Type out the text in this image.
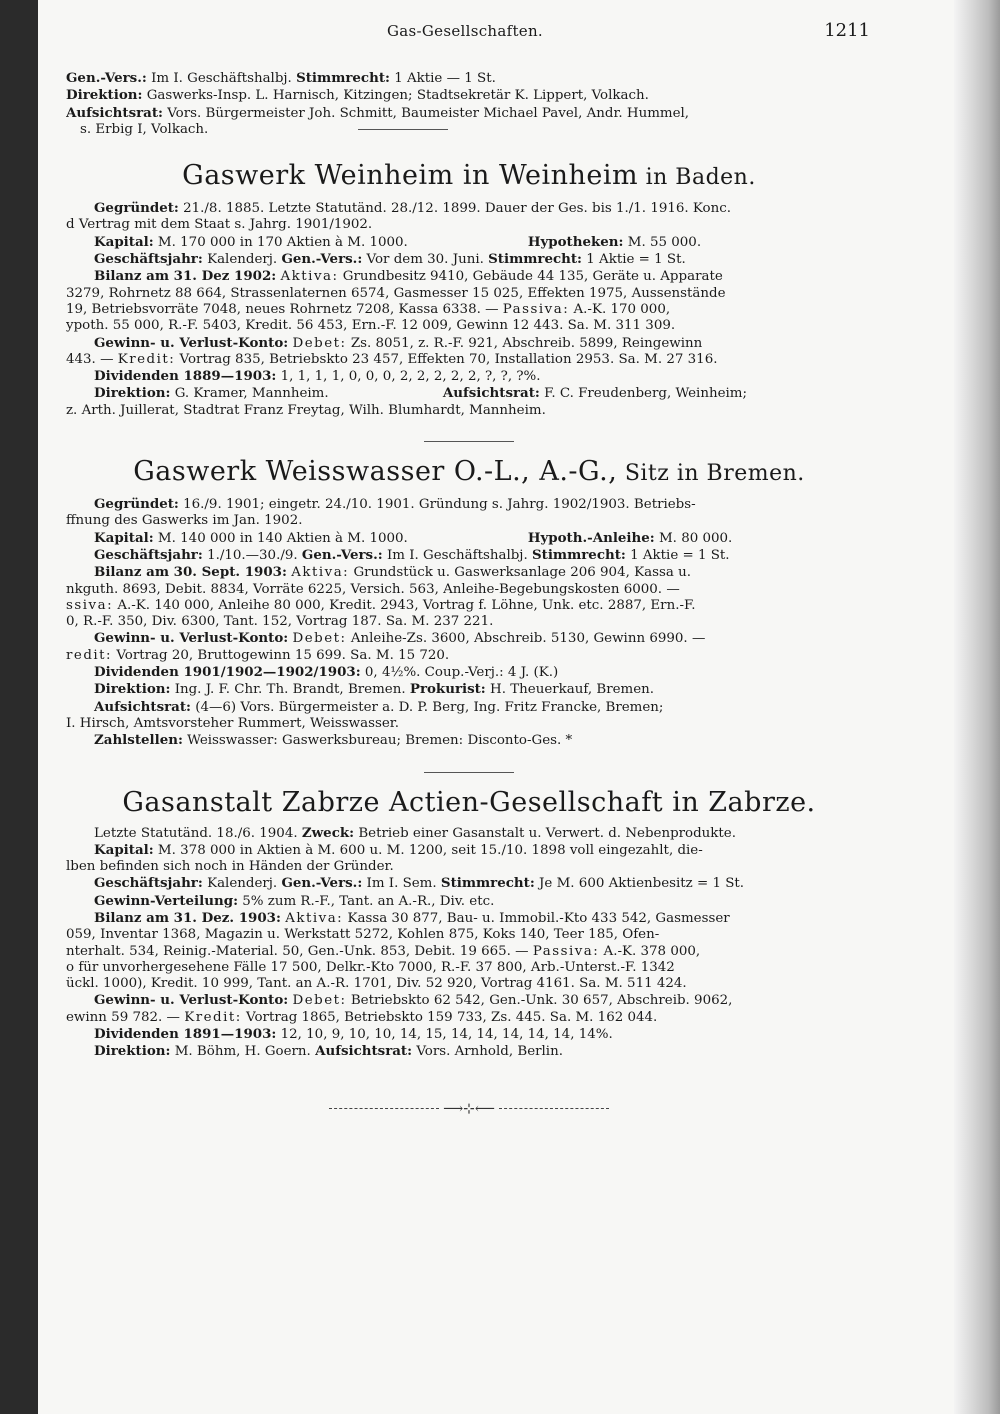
Gas-Gesellschaften.	1211
Gen.-Vers.: Im I. Geschäftshalbj. Stimmrecht: 1 Aktie — 1 St.
Direktion: Gaswerks-Insp. L. Harnisch, Kitzingen; Stadtsekretär K. Lippert, Volkach.
Aufsichtsrat: Vors. Bürgermeister Joh. Schmitt, Baumeister Michael Pavel, Andr. Hummel,
s. Erbig I, Volkach.
Gaswerk Weinheim in Weinheim in Baden.
Gegründet: 21./8. 1885. Letzte Statutänd. 28./12. 1899. Dauer der Ges. bis 1./1. 1916. Konc.
d Vertrag mit dem Staat s. Jahrg. 1901/1902.
Kapital: M. 170 000 in 170 Aktien à M. 1000.	Hypotheken: M. 55 000.
Geschäftsjahr: Kalenderj. Gen.-Vers.: Vor dem 30. Juni. Stimmrecht: 1 Aktie = 1 St.
Bilanz am 31. Dez 1902: Aktiva: Grundbesitz 9410, Gebäude 44 135, Geräte u. Apparate
3279, Rohrnetz 88 664, Strassenlaternen 6574, Gasmesser 15 025, Effekten 1975, Aussenstände
19, Betriebsvorräte 7048, neues Rohrnetz 7208, Kassa 6338. — Passiva: A.-K. 170 000,
ypoth. 55 000, R.-F. 5403, Kredit. 56 453, Ern.-F. 12 009, Gewinn 12 443. Sa. M. 311 309.
Gewinn- u. Verlust-Konto: Debet: Zs. 8051, z. R.-F. 921, Abschreib. 5899, Reingewinn
443. — Kredit: Vortrag 835, Betriebskto 23 457, Effekten 70, Installation 2953. Sa. M. 27 316.
Dividenden 1889—1903: 1, 1, 1, 1, 0, 0, 0, 2, 2, 2, 2, 2, ?, ?, ?%.
Direktion: G. Kramer, Mannheim.	Aufsichtsrat: F. C. Freudenberg, Weinheim;
z. Arth. Juillerat, Stadtrat Franz Freytag, Wilh. Blumhardt, Mannheim.
Gaswerk Weisswasser O.-L., A.-G., Sitz in Bremen.
Gegründet: 16./9. 1901; eingetr. 24./10. 1901. Gründung s. Jahrg. 1902/1903. Betriebs-
ffnung des Gaswerks im Jan. 1902.
Kapital: M. 140 000 in 140 Aktien à M. 1000.	Hypoth.-Anleihe: M. 80 000.
Geschäftsjahr: 1./10.—30./9. Gen.-Vers.: Im I. Geschäftshalbj. Stimmrecht: 1 Aktie = 1 St.
Bilanz am 30. Sept. 1903: Aktiva: Grundstück u. Gaswerksanlage 206 904, Kassa u.
nkguth. 8693, Debit. 8834, Vorräte 6225, Versich. 563, Anleihe-Begebungskosten 6000. —
ssiva: A.-K. 140 000, Anleihe 80 000, Kredit. 2943, Vortrag f. Löhne, Unk. etc. 2887, Ern.-F.
0, R.-F. 350, Div. 6300, Tant. 152, Vortrag 187. Sa. M. 237 221.
Gewinn- u. Verlust-Konto: Debet: Anleihe-Zs. 3600, Abschreib. 5130, Gewinn 6990. —
redit: Vortrag 20, Bruttogewinn 15 699. Sa. M. 15 720.
Dividenden 1901/1902—1902/1903: 0, 4½%. Coup.-Verj.: 4 J. (K.)
Direktion: Ing. J. F. Chr. Th. Brandt, Bremen. Prokurist: H. Theuerkauf, Bremen.
Aufsichtsrat: (4—6) Vors. Bürgermeister a. D. P. Berg, Ing. Fritz Francke, Bremen;
I. Hirsch, Amtsvorsteher Rummert, Weisswasser.
Zahlstellen: Weisswasser: Gaswerksbureau; Bremen: Disconto-Ges. *
Gasanstalt Zabrze Actien-Gesellschaft in Zabrze.
Letzte Statutänd. 18./6. 1904. Zweck: Betrieb einer Gasanstalt u. Verwert. d. Nebenprodukte.
Kapital: M. 378 000 in Aktien à M. 600 u. M. 1200, seit 15./10. 1898 voll eingezahlt, die-
lben befinden sich noch in Händen der Gründer.
Geschäftsjahr: Kalenderj. Gen.-Vers.: Im I. Sem. Stimmrecht: Je M. 600 Aktienbesitz = 1 St.
Gewinn-Verteilung: 5% zum R.-F., Tant. an A.-R., Div. etc.
Bilanz am 31. Dez. 1903: Aktiva: Kassa 30 877, Bau- u. Immobil.-Kto 433 542, Gasmesser
059, Inventar 1368, Magazin u. Werkstatt 5272, Kohlen 875, Koks 140, Teer 185, Ofen-
nterhalt. 534, Reinig.-Material. 50, Gen.-Unk. 853, Debit. 19 665. — Passiva: A.-K. 378 000,
o für unvorhergesehene Fälle 17 500, Delkr.-Kto 7000, R.-F. 37 800, Arb.-Unterst.-F. 1342
ückl. 1000), Kredit. 10 999, Tant. an A.-R. 1701, Div. 52 920, Vortrag 4161. Sa. M. 511 424.
Gewinn- u. Verlust-Konto: Debet: Betriebskto 62 542, Gen.-Unk. 30 657, Abschreib. 9062,
ewinn 59 782. — Kredit: Vortrag 1865, Betriebskto 159 733, Zs. 445. Sa. M. 162 044.
Dividenden 1891—1903: 12, 10, 9, 10, 10, 14, 15, 14, 14, 14, 14, 14, 14%.
Direktion: M. Böhm, H. Goern. Aufsichtsrat: Vors. Arnhold, Berlin.
⟶⊹⟵
